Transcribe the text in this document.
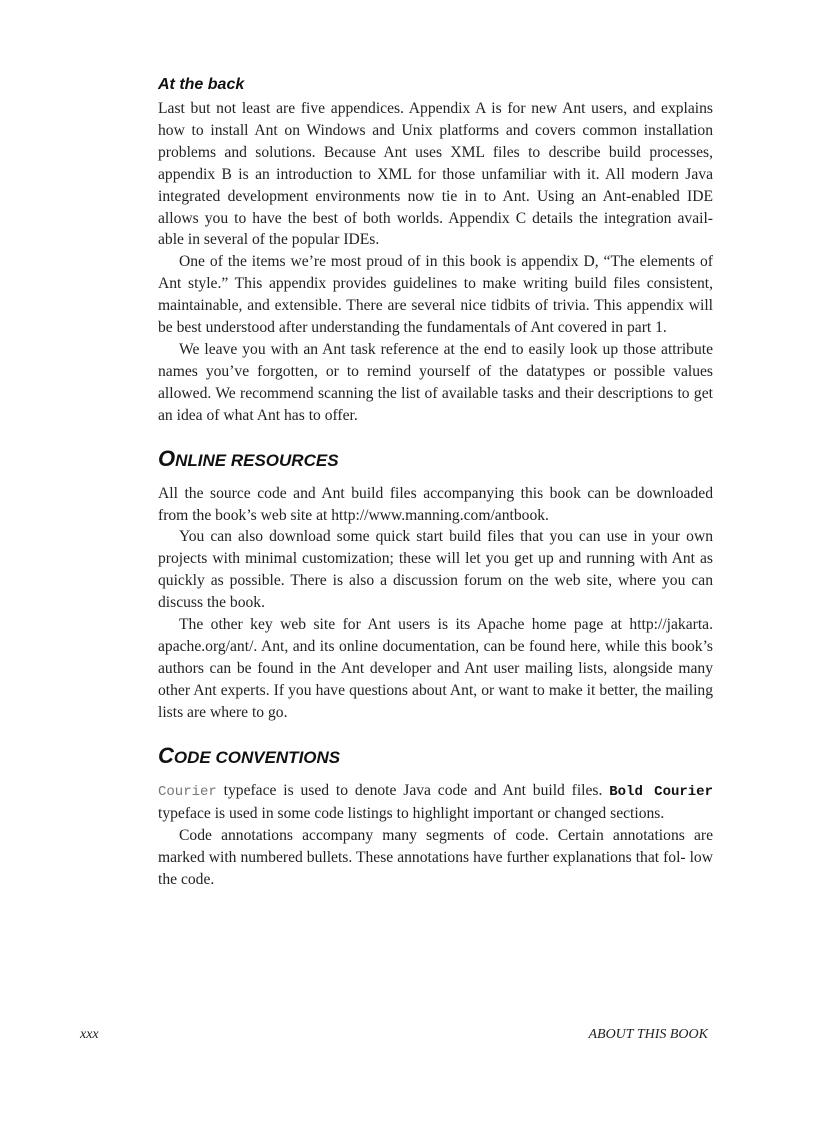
At the back

Last but not least are five appendices. Appendix A is for new Ant users, and explains how to install Ant on Windows and Unix platforms and covers common installation problems and solutions. Because Ant uses XML files to describe build processes, appendix B is an introduction to XML for those unfamiliar with it. All modern Java integrated development environments now tie in to Ant. Using an Ant-enabled IDE allows you to have the best of both worlds. Appendix C details the integration avail- able in several of the popular IDEs.

One of the items we’re most proud of in this book is appendix D, “The elements of Ant style.” This appendix provides guidelines to make writing build files consistent, maintainable, and extensible. There are several nice tidbits of trivia. This appendix will be best understood after understanding the fundamentals of Ant covered in part 1.

We leave you with an Ant task reference at the end to easily look up those attribute names you’ve forgotten, or to remind yourself of the datatypes or possible values allowed. We recommend scanning the list of available tasks and their descriptions to get an idea of what Ant has to offer.

ONLINE RESOURCES

All the source code and Ant build files accompanying this book can be downloaded from the book’s web site at http://www.manning.com/antbook.

You can also download some quick start build files that you can use in your own projects with minimal customization; these will let you get up and running with Ant as quickly as possible. There is also a discussion forum on the web site, where you can discuss the book.

The other key web site for Ant users is its Apache home page at http://jakarta. apache.org/ant/. Ant, and its online documentation, can be found here, while this book’s authors can be found in the Ant developer and Ant user mailing lists, alongside many other Ant experts. If you have questions about Ant, or want to make it better, the mailing lists are where to go.

CODE CONVENTIONS

Courier typeface is used to denote Java code and Ant build files. Bold Courier typeface is used in some code listings to highlight important or changed sections.

Code annotations accompany many segments of code. Certain annotations are marked with numbered bullets. These annotations have further explanations that fol- low the code.

xxx	ABOUT THIS BOOK
